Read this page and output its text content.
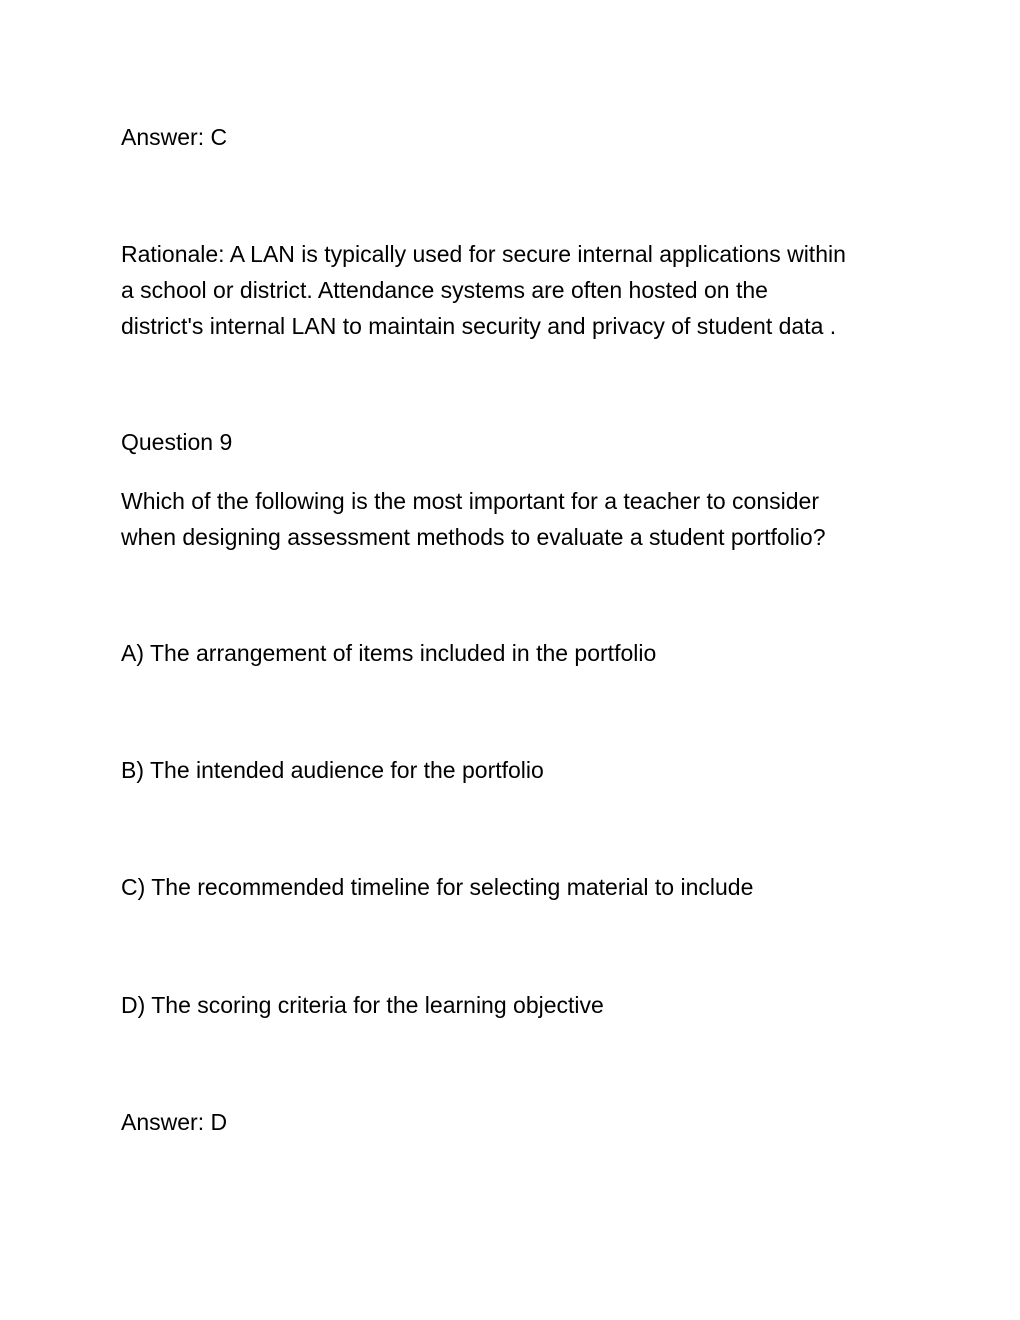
Answer: C

Rationale: A LAN is typically used for secure internal applications within
a school or district. Attendance systems are often hosted on the
district's internal LAN to maintain security and privacy of student data .

Question 9

Which of the following is the most important for a teacher to consider
when designing assessment methods to evaluate a student portfolio?

A) The arrangement of items included in the portfolio

B) The intended audience for the portfolio

C) The recommended timeline for selecting material to include

D) The scoring criteria for the learning objective

Answer: D
